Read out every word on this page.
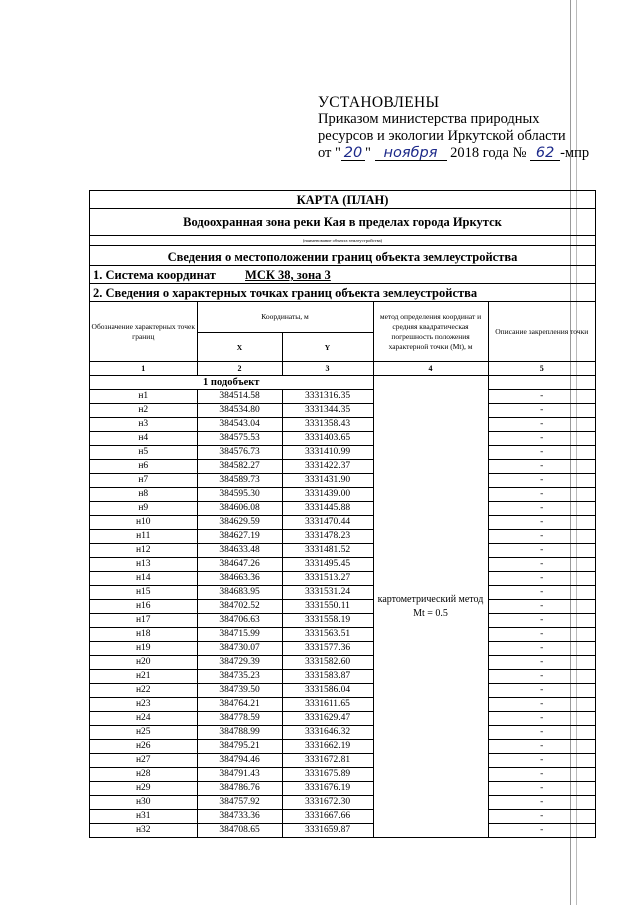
УСТАНОВЛЕНЫ
Приказом министерства природных
ресурсов и экологии Иркутской области
от " 20 " ноября 2018 года № 62 -мпр
КАРТА (ПЛАН)
Водоохранная зона реки Кая в пределах города Иркутск
(наименование объекта землеустройства)
Сведения о местоположении границ объекта землеустройства
1. Система координат МСК 38, зона 3
2. Сведения о характерных точках границ объекта землеустройства
Обозначение характерных точек границ	Координаты, м		метод определения координат и средняя квадратическая погрешность положения характерной точки (Mt), м	Описание закрепления точки
	X	Y		
1	2	3	4	5
1 подобъект			картометрический метод Mt = 0.5	
н1	384514.58	3331316.35		-
н2	384534.80	3331344.35		-
н3	384543.04	3331358.43		-
н4	384575.53	3331403.65		-
н5	384576.73	3331410.99		-
н6	384582.27	3331422.37		-
н7	384589.73	3331431.90		-
н8	384595.30	3331439.00		-
н9	384606.08	3331445.88		-
н10	384629.59	3331470.44		-
н11	384627.19	3331478.23		-
н12	384633.48	3331481.52		-
н13	384647.26	3331495.45		-
н14	384663.36	3331513.27		-
н15	384683.95	3331531.24		-
н16	384702.52	3331550.11		-
н17	384706.63	3331558.19		-
н18	384715.99	3331563.51		-
н19	384730.07	3331577.36		-
н20	384729.39	3331582.60		-
н21	384735.23	3331583.87		-
н22	384739.50	3331586.04		-
н23	384764.21	3331611.65		-
н24	384778.59	3331629.47		-
н25	384788.99	3331646.32		-
н26	384795.21	3331662.19		-
н27	384794.46	3331672.81		-
н28	384791.43	3331675.89		-
н29	384786.76	3331676.19		-
н30	384757.92	3331672.30		-
н31	384733.36	3331667.66		-
н32	384708.65	3331659.87		-
